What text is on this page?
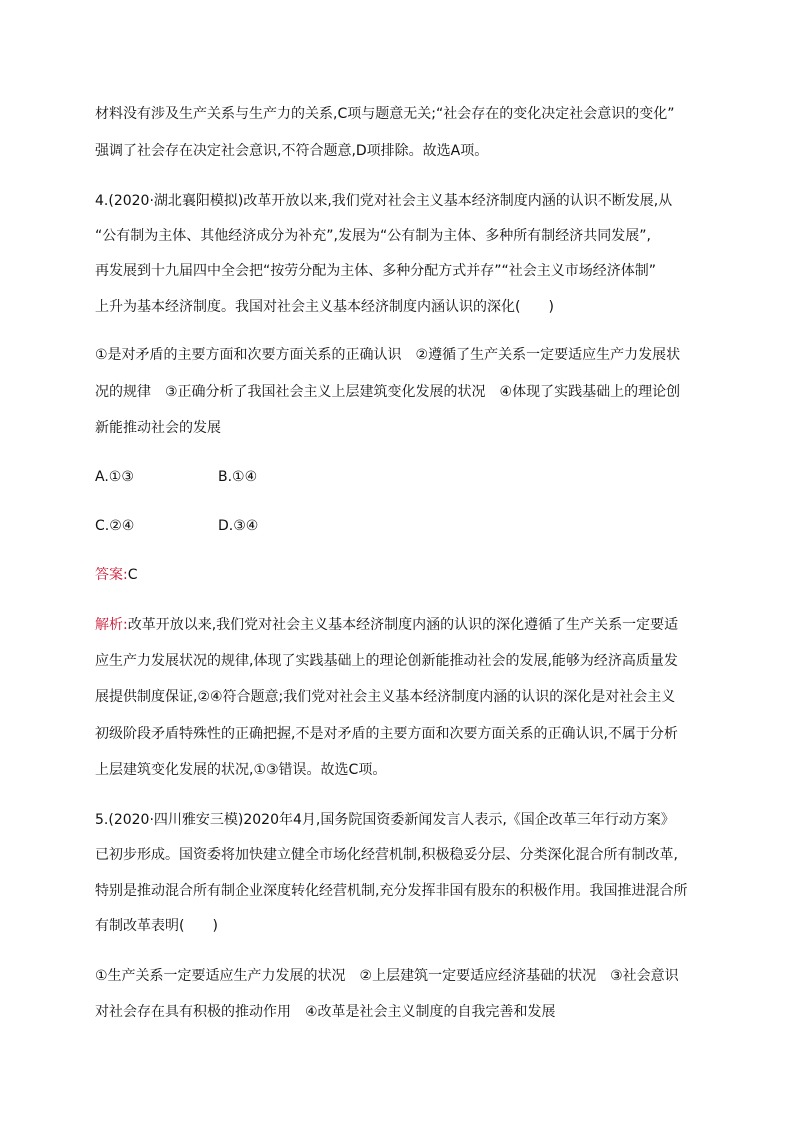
材料没有涉及生产关系与生产力的关系,C项与题意无关;“社会存在的变化决定社会意识的变化”
强调了社会存在决定社会意识,不符合题意,D项排除。故选A项。
4.(2020·湖北襄阳模拟)改革开放以来,我们党对社会主义基本经济制度内涵的认识不断发展,从
“公有制为主体、其他经济成分为补充”,发展为“公有制为主体、多种所有制经济共同发展”,
再发展到十九届四中全会把“按劳分配为主体、多种分配方式并存”“社会主义市场经济体制”
上升为基本经济制度。我国对社会主义基本经济制度内涵认识的深化(　　)
①是对矛盾的主要方面和次要方面关系的正确认识　②遵循了生产关系一定要适应生产力发展状
况的规律　③正确分析了我国社会主义上层建筑变化发展的状况　④体现了实践基础上的理论创
新能推动社会的发展
A.①③	B.①④
C.②④	D.③④
答案:C
解析:改革开放以来,我们党对社会主义基本经济制度内涵的认识的深化遵循了生产关系一定要适
应生产力发展状况的规律,体现了实践基础上的理论创新能推动社会的发展,能够为经济高质量发
展提供制度保证,②④符合题意;我们党对社会主义基本经济制度内涵的认识的深化是对社会主义
初级阶段矛盾特殊性的正确把握,不是对矛盾的主要方面和次要方面关系的正确认识,不属于分析
上层建筑变化发展的状况,①③错误。故选C项。
5.(2020·四川雅安三模)2020年4月,国务院国资委新闻发言人表示,《国企改革三年行动方案》
已初步形成。国资委将加快建立健全市场化经营机制,积极稳妥分层、分类深化混合所有制改革,
特别是推动混合所有制企业深度转化经营机制,充分发挥非国有股东的积极作用。我国推进混合所
有制改革表明(　　)
①生产关系一定要适应生产力发展的状况　②上层建筑一定要适应经济基础的状况　③社会意识
对社会存在具有积极的推动作用　④改革是社会主义制度的自我完善和发展
